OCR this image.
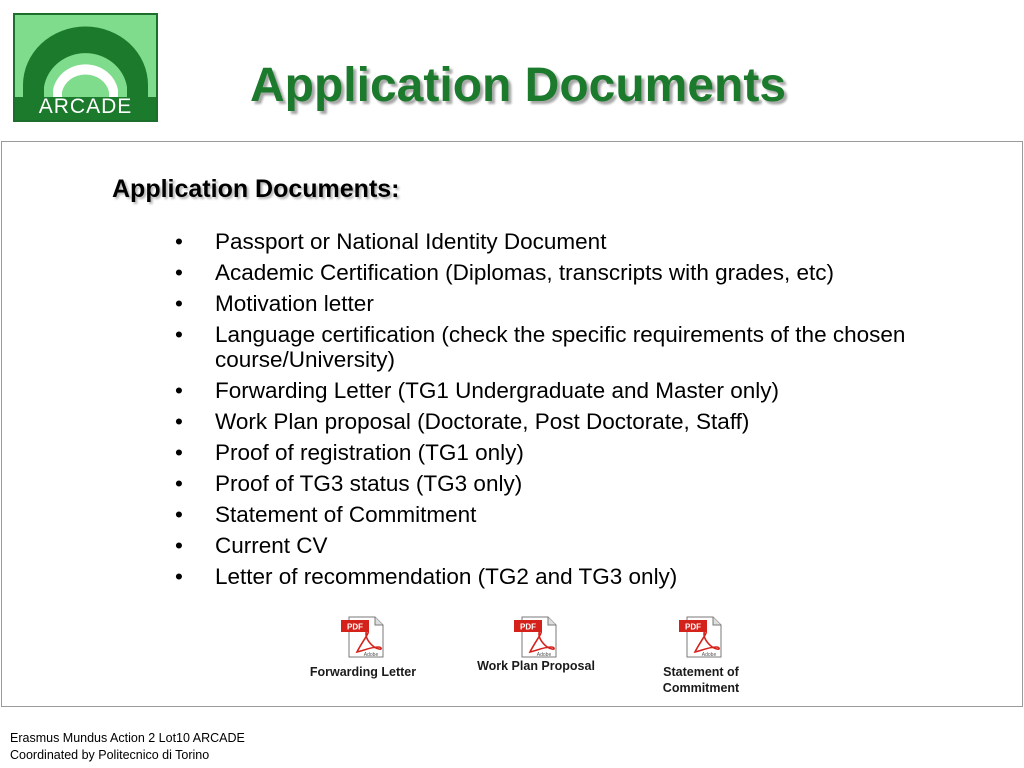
ARCADE	Application Documents
Application Documents:
•	Passport or National Identity Document
•	Academic Certification (Diplomas, transcripts with grades, etc)
•	Motivation letter
•	Language certification (check the specific requirements of the chosen course/University)
•	Forwarding Letter (TG1 Undergraduate and Master only)
•	Work Plan proposal (Doctorate, Post Doctorate, Staff)
•	Proof of registration (TG1 only)
•	Proof of TG3 status (TG3 only)
•	Statement of Commitment
•	Current CV
•	Letter of recommendation (TG2 and TG3 only)
PDF
Adobe
Forwarding Letter
PDF
Adobe
Work Plan Proposal
PDF
Adobe
Statement of
Commitment
Erasmus Mundus Action 2 Lot10 ARCADE
Coordinated by Politecnico di Torino
